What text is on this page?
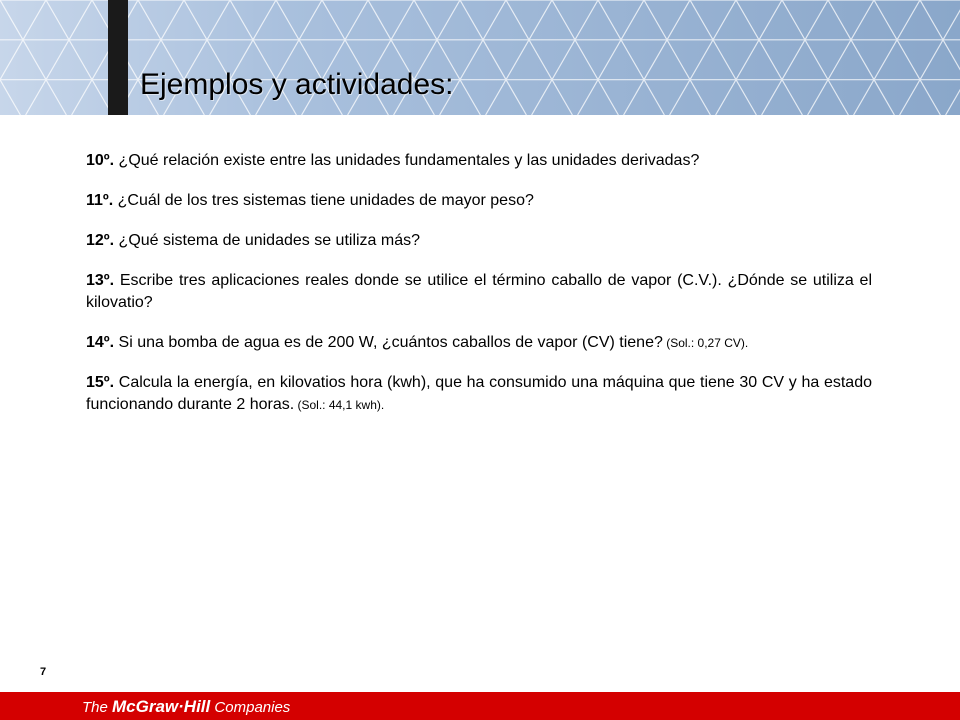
Ejemplos y actividades:
10º. ¿Qué relación existe entre las unidades fundamentales y las unidades derivadas?
11º. ¿Cuál de los tres sistemas tiene unidades de mayor peso?
12º. ¿Qué sistema de unidades se utiliza más?
13º. Escribe tres aplicaciones reales donde se utilice el término caballo de vapor (C.V.). ¿Dónde se utiliza el kilovatio?
14º. Si una bomba de agua es de 200 W, ¿cuántos caballos de vapor (CV) tiene? (Sol.: 0,27 CV).
15º. Calcula la energía, en kilovatios hora (kwh), que ha consumido una máquina que tiene 30 CV y ha estado funcionando durante 2 horas. (Sol.: 44,1 kwh).
7
The McGraw·Hill Companies
